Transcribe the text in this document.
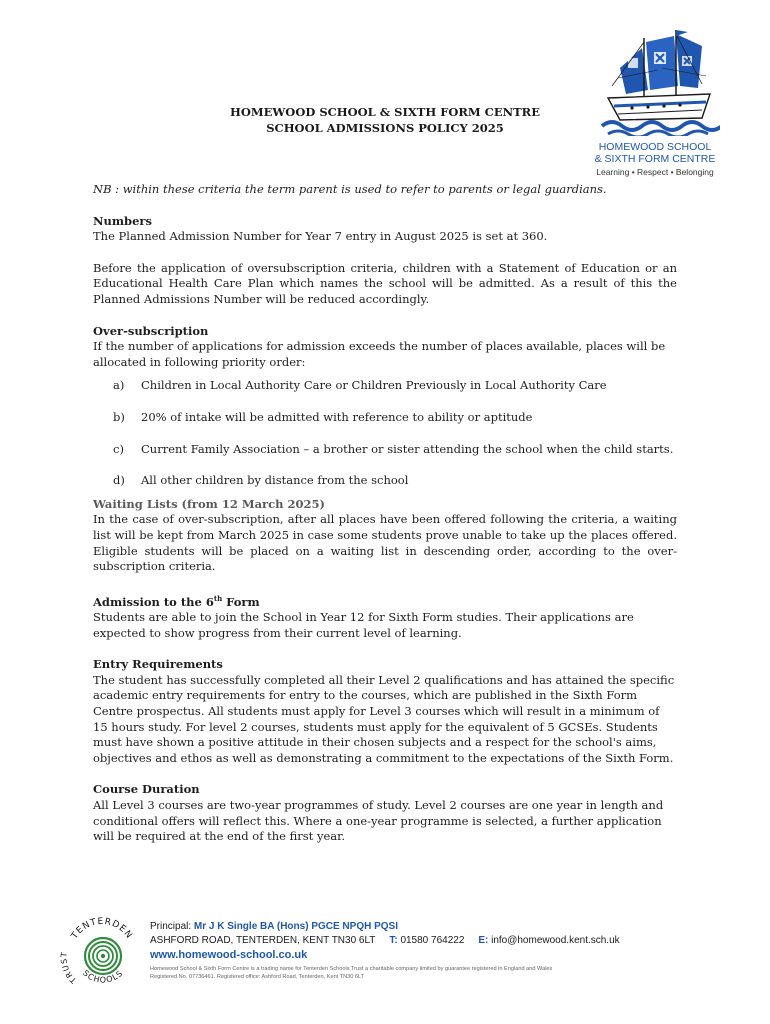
HOMEWOOD SCHOOL & SIXTH FORM CENTRE
SCHOOL ADMISSIONS POLICY 2025
HOMEWOOD SCHOOL
& SIXTH FORM CENTRE
Learning • Respect • Belonging

NB : within these criteria the term parent is used to refer to parents or legal guardians.

Numbers

The Planned Admission Number for Year 7 entry in August 2025 is set at 360.

Before the application of oversubscription criteria, children with a Statement of Education or an Educational Health Care Plan which names the school will be admitted. As a result of this the Planned Admissions Number will be reduced accordingly.

Over-subscription

If the number of applications for admission exceeds the number of places available, places will be allocated in following priority order:

a)	Children in Local Authority Care or Children Previously in Local Authority Care
b)	20% of intake will be admitted with reference to ability or aptitude
c)	Current Family Association – a brother or sister attending the school when the child starts.
d)	All other children by distance from the school
Waiting Lists (from 12 March 2025)

In the case of over-subscription, after all places have been offered following the criteria, a waiting list will be kept from March 2025 in case some students prove unable to take up the places offered. Eligible students will be placed on a waiting list in descending order, according to the over-subscription criteria.

Admission to the 6th Form

Students are able to join the School in Year 12 for Sixth Form studies. Their applications are expected to show progress from their current level of learning.

Entry Requirements

The student has successfully completed all their Level 2 qualifications and has attained the specific academic entry requirements for entry to the courses, which are published in the Sixth Form Centre prospectus. All students must apply for Level 3 courses which will result in a minimum of 15 hours study. For level 2 courses, students must apply for the equivalent of 5 GCSEs. Students must have shown a positive attitude in their chosen subjects and a respect for the school's aims, objectives and ethos as well as demonstrating a commitment to the expectations of the Sixth Form.

Course Duration

All Level 3 courses are two-year programmes of study. Level 2 courses are one year in length and conditional offers will reflect this. Where a one-year programme is selected, a further application will be required at the end of the first year.

TENTERDEN
SCHOOLS
TRUST
Principal: Mr J K Single BA (Hons) PGCE NPQH PQSI
ASHFORD ROAD, TENTERDEN, KENT TN30 6LT T: 01580 764222 E: info@homewood.kent.sch.uk
www.homewood-school.co.uk
Homewood School & Sixth Form Centre is a trading name for Tenterden Schools Trust a charitable company limited by guarantee registered in England and Wales
Registered No. 07736461. Registered office: Ashford Road, Tenterden, Kent TN30 6LT
